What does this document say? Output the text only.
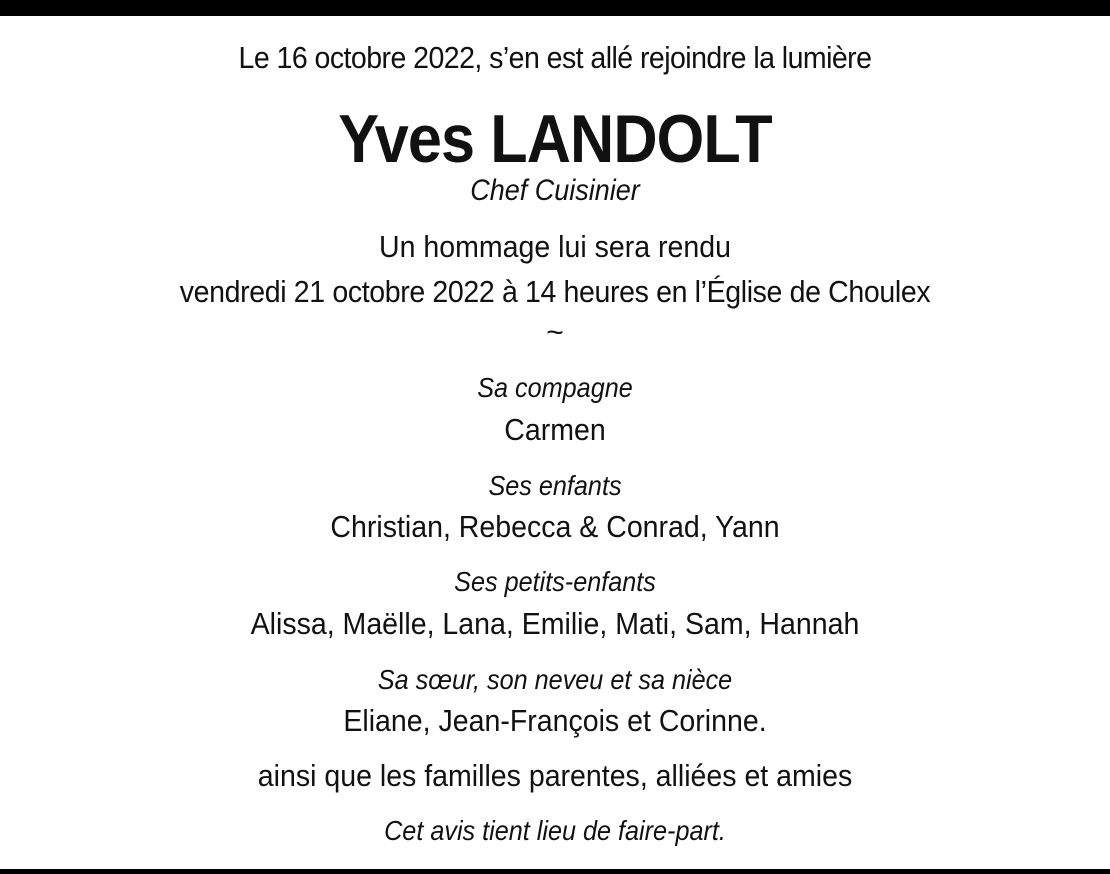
Le 16 octobre 2022, s’en est allé rejoindre la lumière
Yves LANDOLT
Chef Cuisinier
Un hommage lui sera rendu
vendredi 21 octobre 2022 à 14 heures en l’Église de Choulex
~
Sa compagne
Carmen
Ses enfants
Christian, Rebecca & Conrad, Yann
Ses petits-enfants
Alissa, Maëlle, Lana, Emilie, Mati, Sam, Hannah
Sa sœur, son neveu et sa nièce
Eliane, Jean-François et Corinne.
ainsi que les familles parentes, alliées et amies
Cet avis tient lieu de faire-part.
